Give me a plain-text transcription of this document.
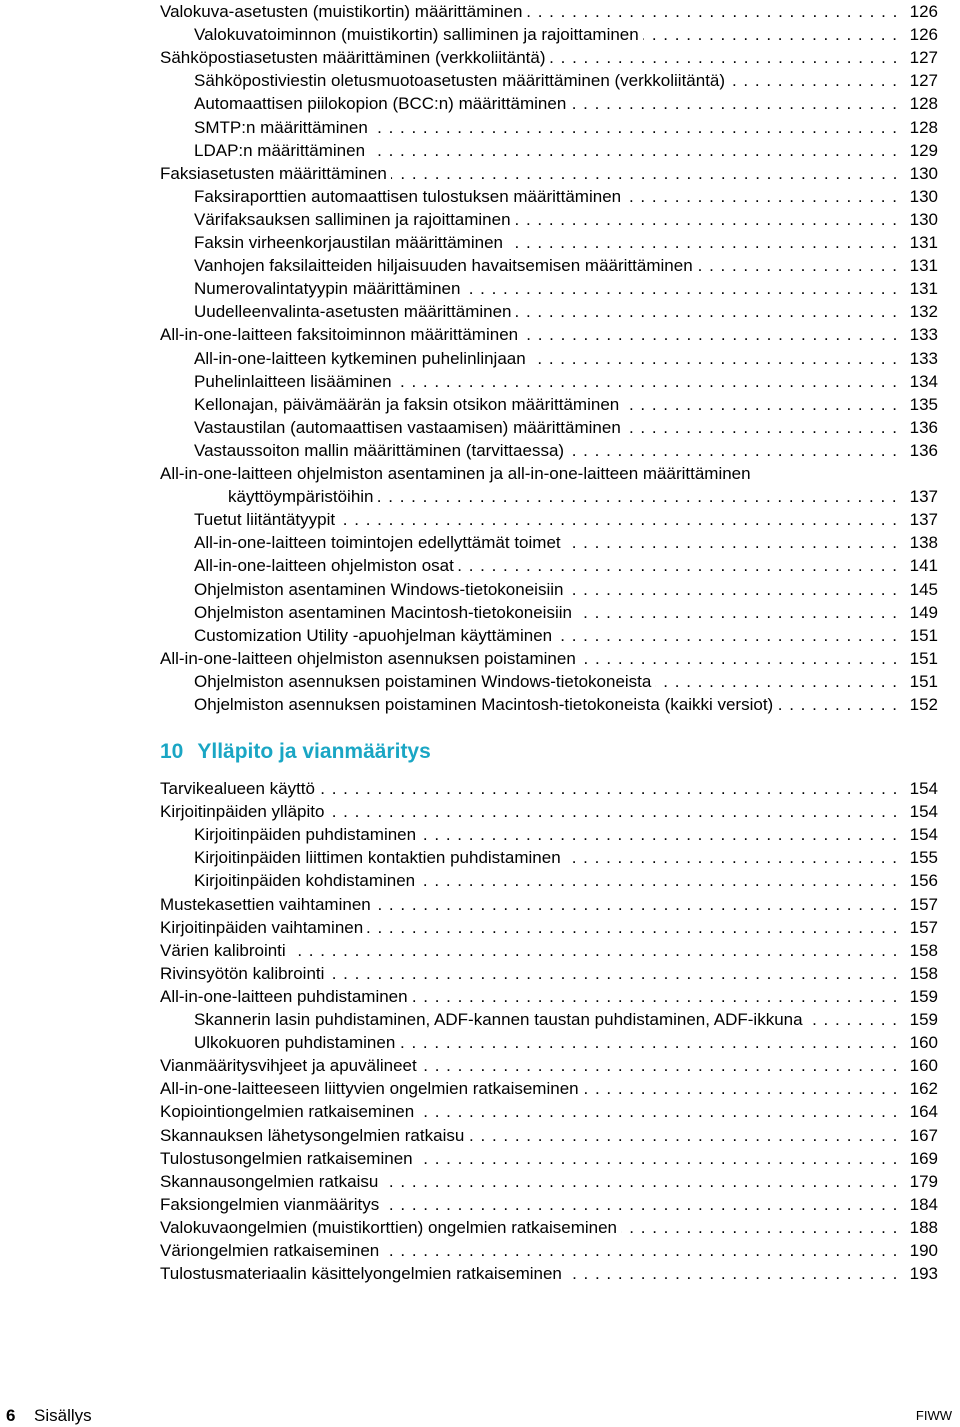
Valokuva-asetusten (muistikortin) määrittäminen . . .	126
Valokuvatoiminnon (muistikortin) salliminen ja rajoittaminen . . .	126
Sähköpostiasetusten määrittäminen (verkkoliitäntä) . . .	127
Sähköpostiviestin oletusmuotoasetusten määrittäminen (verkkoliitäntä) . . .	127
Automaattisen piilokopion (BCC:n) määrittäminen . . .	128
SMTP:n määrittäminen . . .	128
LDAP:n määrittäminen . . .	129
Faksiasetusten määrittäminen . . .	130
Faksiraporttien automaattisen tulostuksen määrittäminen . . .	130
Värifaksauksen salliminen ja rajoittaminen . . .	130
Faksin virheenkorjaustilan määrittäminen . . .	131
Vanhojen faksilaitteiden hiljaisuuden havaitsemisen määrittäminen . . .	131
Numerovalintatyypin määrittäminen . . .	131
Uudelleenvalinta-asetusten määrittäminen . . .	132
All-in-one-laitteen faksitoiminnon määrittäminen . . .	133
All-in-one-laitteen kytkeminen puhelinlinjaan . . .	133
Puhelinlaitteen lisääminen . . .	134
Kellonajan, päivämäärän ja faksin otsikon määrittäminen . . .	135
Vastaustilan (automaattisen vastaamisen) määrittäminen . . .	136
Vastaussoiton mallin määrittäminen (tarvittaessa) . . .	136
All-in-one-laitteen ohjelmiston asentaminen ja all-in-one-laitteen määrittäminen
käyttöympäristöihin . . .	137
Tuetut liitäntätyypit . . .	137
All-in-one-laitteen toimintojen edellyttämät toimet . . .	138
All-in-one-laitteen ohjelmiston osat . . .	141
Ohjelmiston asentaminen Windows-tietokoneisiin . . .	145
Ohjelmiston asentaminen Macintosh-tietokoneisiin . . .	149
Customization Utility -apuohjelman käyttäminen . . .	151
All-in-one-laitteen ohjelmiston asennuksen poistaminen . . .	151
Ohjelmiston asennuksen poistaminen Windows-tietokoneista . . .	151
Ohjelmiston asennuksen poistaminen Macintosh-tietokoneista (kaikki versiot) . . .	152
10 Ylläpito ja vianmääritys
Tarvikealueen käyttö . . .	154
Kirjoitinpäiden ylläpito . . .	154
Kirjoitinpäiden puhdistaminen . . .	154
Kirjoitinpäiden liittimen kontaktien puhdistaminen . . .	155
Kirjoitinpäiden kohdistaminen . . .	156
Mustekasettien vaihtaminen . . .	157
Kirjoitinpäiden vaihtaminen . . .	157
Värien kalibrointi . . .	158
Rivinsyötön kalibrointi . . .	158
All-in-one-laitteen puhdistaminen . . .	159
Skannerin lasin puhdistaminen, ADF-kannen taustan puhdistaminen, ADF-ikkuna . . .	159
Ulkokuoren puhdistaminen . . .	160
Vianmääritysvihjeet ja apuvälineet . . .	160
All-in-one-laitteeseen liittyvien ongelmien ratkaiseminen . . .	162
Kopiointiongelmien ratkaiseminen . . .	164
Skannauksen lähetysongelmien ratkaisu . . .	167
Tulostusongelmien ratkaiseminen . . .	169
Skannausongelmien ratkaisu . . .	179
Faksiongelmien vianmääritys . . .	184
Valokuvaongelmien (muistikorttien) ongelmien ratkaiseminen . . .	188
Väriongelmien ratkaiseminen . . .	190
Tulostusmateriaalin käsittelyongelmien ratkaiseminen . . .	193
6 Sisällys	FIWW
